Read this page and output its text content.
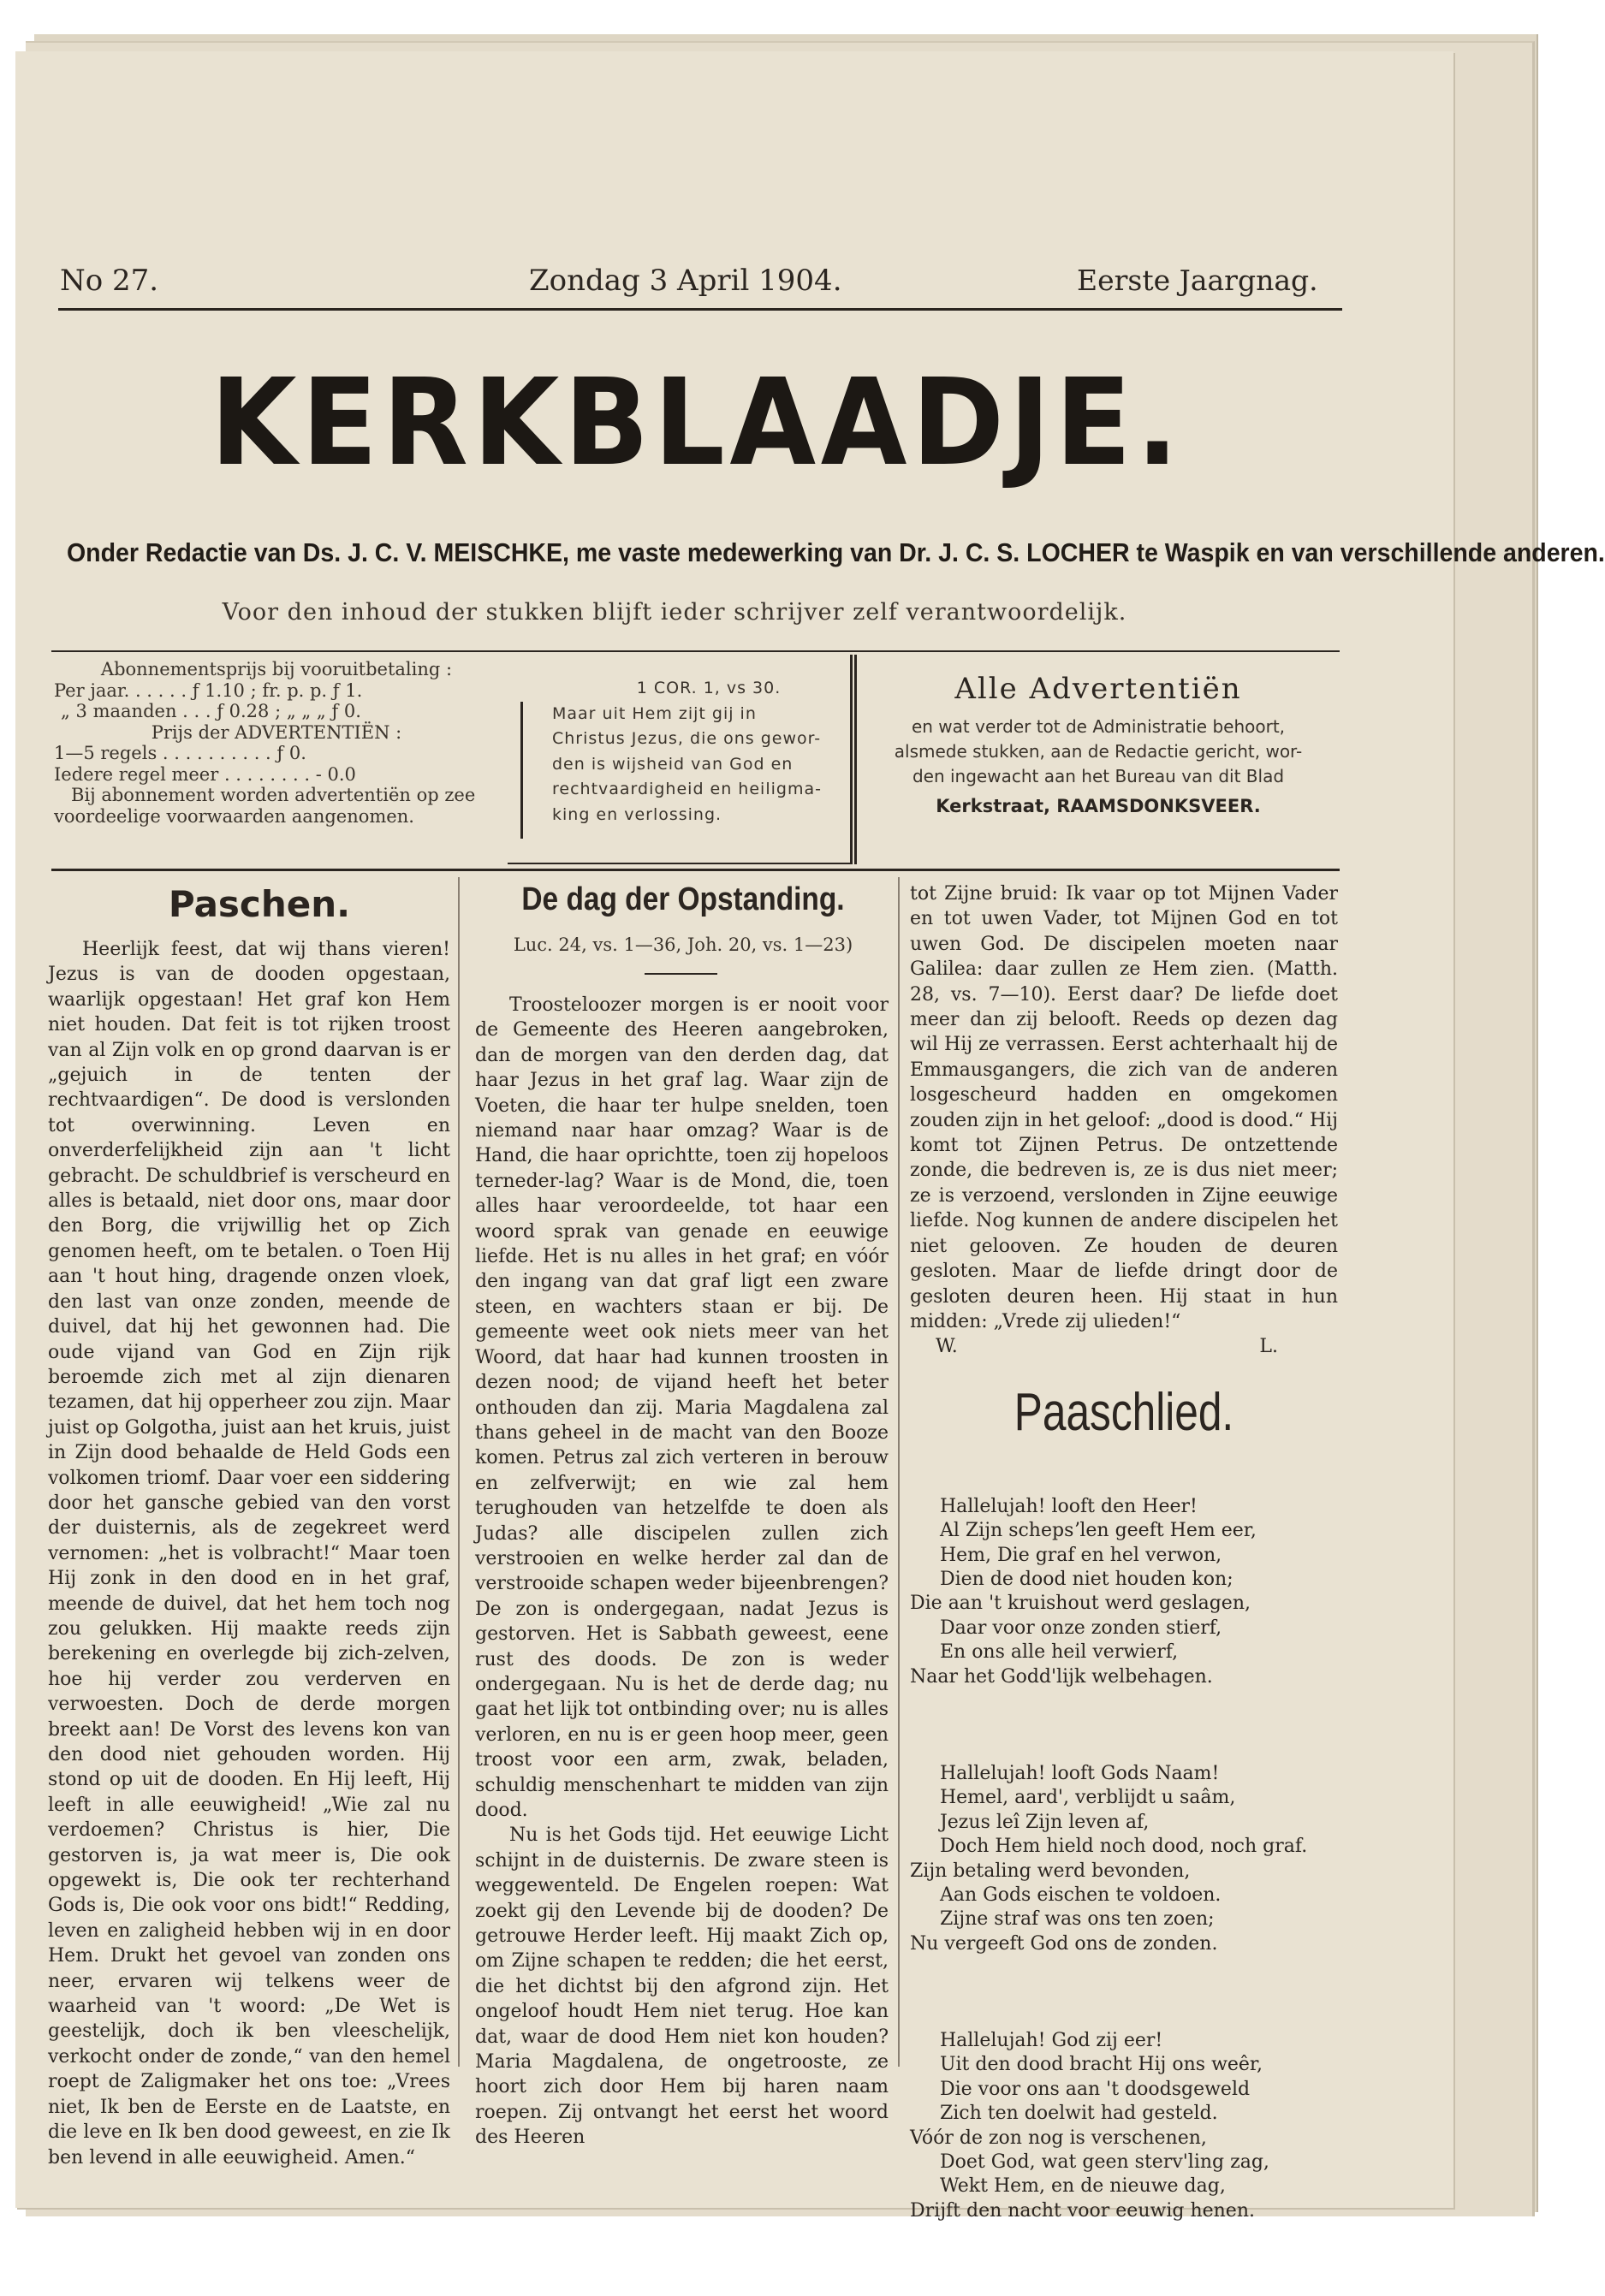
No 27.	Zondag 3 April 1904.	Eerste Jaargnag.
KERKBLAADJE.
Onder Redactie van Ds. J. C. V. MEISCHKE, me vaste medewerking van Dr. J. C. S. LOCHER te Waspik en van verschillende anderen.
Voor den inhoud der stukken blijft ieder schrijver zelf verantwoordelijk.
Abonnementsprijs bij vooruitbetaling :
Per jaar. . . . . . ƒ 1.10 ; fr. p. p. ƒ 1.
„ 3 maanden . . . ƒ 0.28 ; „ „ „ ƒ 0.
Prijs der ADVERTENTIËN :
1—5 regels . . . . . . . . . . ƒ 0.
Iedere regel meer . . . . . . . . - 0.0
Bij abonnement worden advertentiën op zee
voordeelige voorwaarden aangenomen.
1 COR. 1, vs 30.
Maar uit Hem zijt gij in
Christus Jezus, die ons gewor-
den is wijsheid van God en
rechtvaardigheid en heiligma-
king en verlossing.
Alle Advertentiën
en wat verder tot de Administratie behoort,
alsmede stukken, aan de Redactie gericht, wor-
den ingewacht aan het Bureau van dit Blad
Kerkstraat, RAAMSDONKSVEER.
Paschen.

Heerlijk feest, dat wij thans vieren! Jezus is van de dooden opgestaan, waarlijk opgestaan! Het graf kon Hem niet houden. Dat feit is tot rijken troost van al Zijn volk en op grond daarvan is er „gejuich in de tenten der rechtvaardigen“. De dood is verslonden tot overwinning. Leven en onverderfelijkheid zijn aan 't licht gebracht. De schuldbrief is verscheurd en alles is betaald, niet door ons, maar door den Borg, die vrijwillig het op Zich genomen heeft, om te betalen. o Toen Hij aan 't hout hing, dragende onzen vloek, den last van onze zonden, meende de duivel, dat hij het gewonnen had. Die oude vijand van God en Zijn rijk beroemde zich met al zijn dienaren tezamen, dat hij opperheer zou zijn. Maar juist op Golgotha, juist aan het kruis, juist in Zijn dood behaalde de Held Gods een volkomen triomf. Daar voer een siddering door het gansche gebied van den vorst der duisternis, als de zegekreet werd vernomen: „het is volbracht!“ Maar toen Hij zonk in den dood en in het graf, meende de duivel, dat het hem toch nog zou gelukken. Hij maakte reeds zijn berekening en overlegde bij zich-zelven, hoe hij verder zou verderven en verwoesten. Doch de derde morgen breekt aan! De Vorst des levens kon van den dood niet gehouden worden. Hij stond op uit de dooden. En Hij leeft, Hij leeft in alle eeuwigheid! „Wie zal nu verdoemen? Christus is hier, Die gestorven is, ja wat meer is, Die ook opgewekt is, Die ook ter rechterhand Gods is, Die ook voor ons bidt!“ Redding, leven en zaligheid hebben wij in en door Hem. Drukt het gevoel van zonden ons neer, ervaren wij telkens weer de waarheid van 't woord: „De Wet is geestelijk, doch ik ben vleeschelijk, verkocht onder de zonde,“ van den hemel roept de Zaligmaker het ons toe: „Vrees niet, Ik ben de Eerste en de Laatste, en die leve en Ik ben dood geweest, en zie Ik ben levend in alle eeuwigheid. Amen.“

De dag der Opstanding.
Luc. 24, vs. 1—36, Joh. 20, vs. 1—23)

Troosteloozer morgen is er nooit voor de Gemeente des Heeren aangebroken, dan de morgen van den derden dag, dat haar Jezus in het graf lag. Waar zijn de Voeten, die haar ter hulpe snelden, toen niemand naar haar omzag? Waar is de Hand, die haar oprichtte, toen zij hopeloos terneder-lag? Waar is de Mond, die, toen alles haar veroordeelde, tot haar een woord sprak van genade en eeuwige liefde. Het is nu alles in het graf; en vóór den ingang van dat graf ligt een zware steen, en wachters staan er bij. De gemeente weet ook niets meer van het Woord, dat haar had kunnen troosten in dezen nood; de vijand heeft het beter onthouden dan zij. Maria Magdalena zal thans geheel in de macht van den Booze komen. Petrus zal zich verteren in berouw en zelfverwijt; en wie zal hem terughouden van hetzelfde te doen als Judas? alle discipelen zullen zich verstrooien en welke herder zal dan de verstrooide schapen weder bijeenbrengen? De zon is ondergegaan, nadat Jezus is gestorven. Het is Sabbath geweest, eene rust des doods. De zon is weder ondergegaan. Nu is het de derde dag; nu gaat het lijk tot ontbinding over; nu is alles verloren, en nu is er geen hoop meer, geen troost voor een arm, zwak, beladen, schuldig menschenhart te midden van zijn dood.

Nu is het Gods tijd. Het eeuwige Licht schijnt in de duisternis. De zware steen is weggewenteld. De Engelen roepen: Wat zoekt gij den Levende bij de dooden? De getrouwe Herder leeft. Hij maakt Zich op, om Zijne schapen te redden; die het eerst, die het dichtst bij den afgrond zijn. Het ongeloof houdt Hem niet terug. Hoe kan dat, waar de dood Hem niet kon houden? Maria Magdalena, de ongetrooste, ze hoort zich door Hem bij haren naam roepen. Zij ontvangt het eerst het woord des Heeren

tot Zijne bruid: Ik vaar op tot Mijnen Vader en tot uwen Vader, tot Mijnen God en tot uwen God. De discipelen moeten naar Galilea: daar zullen ze Hem zien. (Matth. 28, vs. 7—10). Eerst daar? De liefde doet meer dan zij belooft. Reeds op dezen dag wil Hij ze verrassen. Eerst achterhaalt hij de Emmausgangers, die zich van de anderen losgescheurd hadden en omgekomen zouden zijn in het geloof: „dood is dood.“ Hij komt tot Zijnen Petrus. De ontzettende zonde, die bedreven is, ze is dus niet meer; ze is verzoend, verslonden in Zijne eeuwige liefde. Nog kunnen de andere discipelen het niet gelooven. Ze houden de deuren gesloten. Maar de liefde dringt door de gesloten deuren heen. Hij staat in hun midden: „Vrede zij ulieden!“

W.	L.
Paaschlied.

Hallelujah! looft den Heer!
Al Zijn schepsʼlen geeft Hem eer,
Hem, Die graf en hel verwon,
Dien de dood niet houden kon;
Die aan 't kruishout werd geslagen,
Daar voor onze zonden stierf,
En ons alle heil verwierf,
Naar het Godd'lijk welbehagen.

Hallelujah! looft Gods Naam!
Hemel, aard', verblijdt u saâm,
Jezus leî Zijn leven af,
Doch Hem hield noch dood, noch graf.
Zijn betaling werd bevonden,
Aan Gods eischen te voldoen.
Zijne straf was ons ten zoen;
Nu vergeeft God ons de zonden.

Hallelujah! God zij eer!
Uit den dood bracht Hij ons weêr,
Die voor ons aan 't doodsgeweld
Zich ten doelwit had gesteld.
Vóór de zon nog is verschenen,
Doet God, wat geen sterv'ling zag,
Wekt Hem, en de nieuwe dag,
Drijft den nacht voor eeuwig henen.
